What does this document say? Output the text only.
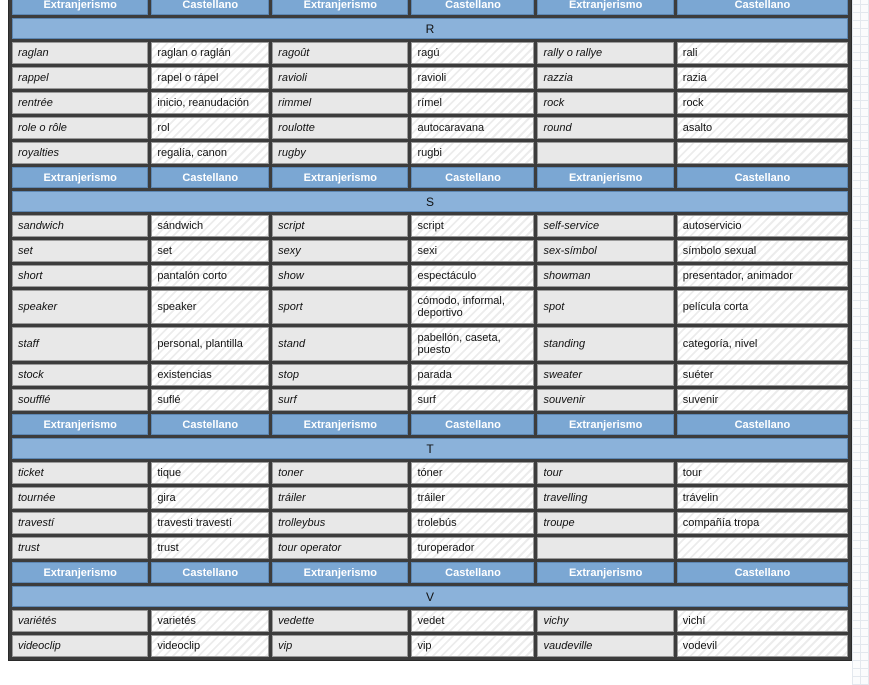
Extranjerismo	Castellano	Extranjerismo	Castellano	Extranjerismo	Castellano
R					
raglan	raglan o raglán	ragoût	ragú	rally o rallye	rali
rappel	rapel o rápel	ravioli	ravioli	razzia	razia
rentrée	inicio, reanudación	rimmel	rímel	rock	rock
role o rôle	rol	roulotte	autocaravana	round	asalto
royalties	regalía, canon	rugby	rugbi		
Extranjerismo	Castellano	Extranjerismo	Castellano	Extranjerismo	Castellano
S					
sandwich	sándwich	script	script	self-service	autoservicio
set	set	sexy	sexi	sex-símbol	símbolo sexual
short	pantalón corto	show	espectáculo	showman	presentador, animador
speaker	speaker	sport	cómodo, informal, deportivo	spot	película corta
staff	personal, plantilla	stand	pabellón, caseta, puesto	standing	categoría, nivel
stock	existencias	stop	parada	sweater	suéter
soufflé	suflé	surf	surf	souvenir	suvenir
Extranjerismo	Castellano	Extranjerismo	Castellano	Extranjerismo	Castellano
T					
ticket	tique	toner	tóner	tour	tour
tournée	gira	tráiler	tráiler	travelling	trávelin
travestí	travesti travestí	trolleybus	trolebús	troupe	compañía tropa
trust	trust	tour operator	turoperador		
Extranjerismo	Castellano	Extranjerismo	Castellano	Extranjerismo	Castellano
V					
variétés	varietés	vedette	vedet	vichy	vichí
videoclip	videoclip	vip	vip	vaudeville	vodevil
